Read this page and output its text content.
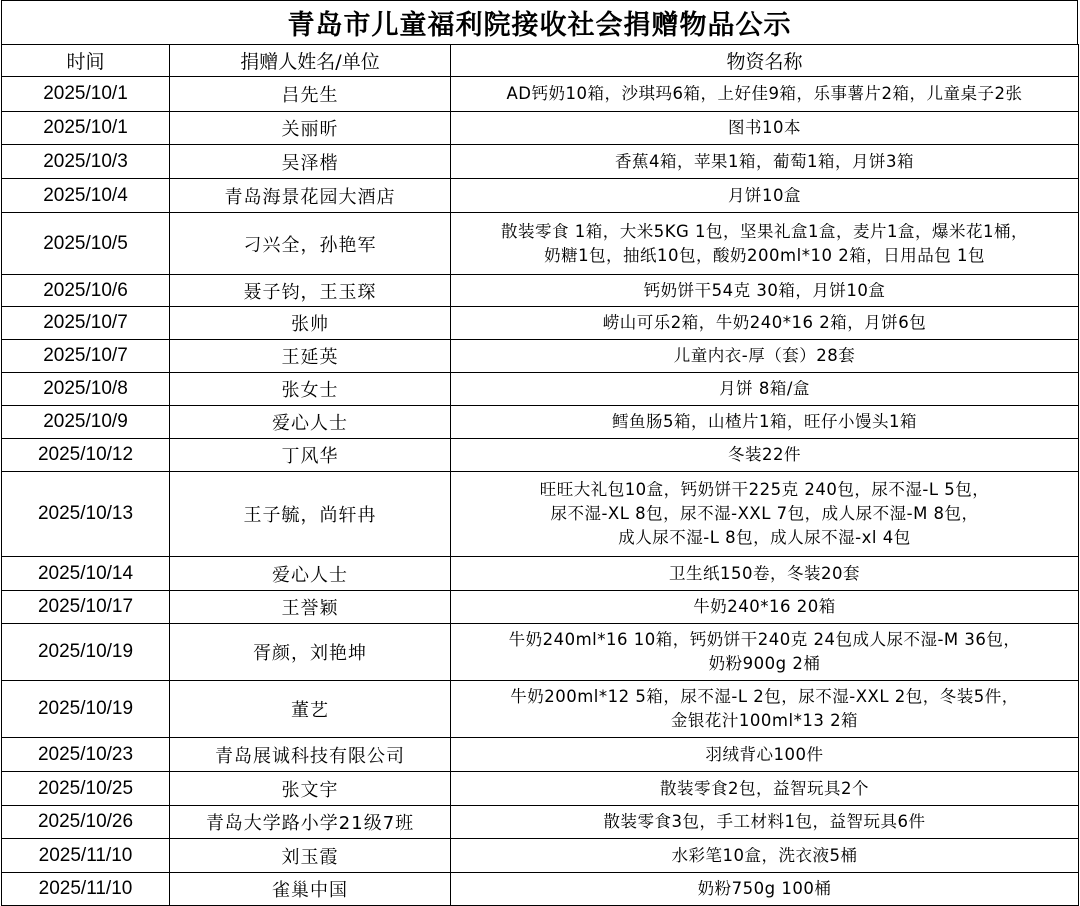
青岛市儿童福利院接收社会捐赠物品公示
时间	捐赠人姓名/单位	物资名称
2025/10/1	吕先生	AD钙奶10箱，沙琪玛6箱，上好佳9箱，乐事薯片2箱，儿童桌子2张

2025/10/1	关丽昕	图书10本

2025/10/3	吴泽楷	香蕉4箱，苹果1箱，葡萄1箱，月饼3箱

2025/10/4	青岛海景花园大酒店	月饼10盒

2025/10/5	刁兴全，孙艳军	散装零食 1箱，大米5KG 1包，坚果礼盒1盒，麦片1盒，爆米花1桶，
奶糖1包，抽纸10包，酸奶200ml*10 2箱，日用品包 1包

2025/10/6	聂子钧，王玉琛	钙奶饼干54克 30箱，月饼10盒

2025/10/7	张帅	崂山可乐2箱，牛奶240*16 2箱，月饼6包

2025/10/7	王延英	儿童内衣-厚（套）28套

2025/10/8	张女士	月饼 8箱/盒

2025/10/9	爱心人士	鳕鱼肠5箱，山楂片1箱，旺仔小馒头1箱

2025/10/12	丁风华	冬装22件

2025/10/13	王子毓，尚轩冉	旺旺大礼包10盒，钙奶饼干225克 240包，尿不湿-L 5包，
尿不湿-XL 8包，尿不湿-XXL 7包，成人尿不湿-M 8包，
成人尿不湿-L 8包，成人尿不湿-xl 4包

2025/10/14	爱心人士	卫生纸150卷，冬装20套

2025/10/17	王誉颖	牛奶240*16 20箱

2025/10/19	胥颜，刘艳坤	牛奶240ml*16 10箱，钙奶饼干240克 24包成人尿不湿-M 36包，
奶粉900g 2桶

2025/10/19	董艺	牛奶200ml*12 5箱，尿不湿-L 2包，尿不湿-XXL 2包，冬装5件，
金银花汁100ml*13 2箱

2025/10/23	青岛展诚科技有限公司	羽绒背心100件

2025/10/25	张文宇	散装零食2包，益智玩具2个

2025/10/26	青岛大学路小学21级7班	散装零食3包，手工材料1包，益智玩具6件

2025/11/10	刘玉霞	水彩笔10盒，洗衣液5桶

2025/11/10	雀巢中国	奶粉750g 100桶
